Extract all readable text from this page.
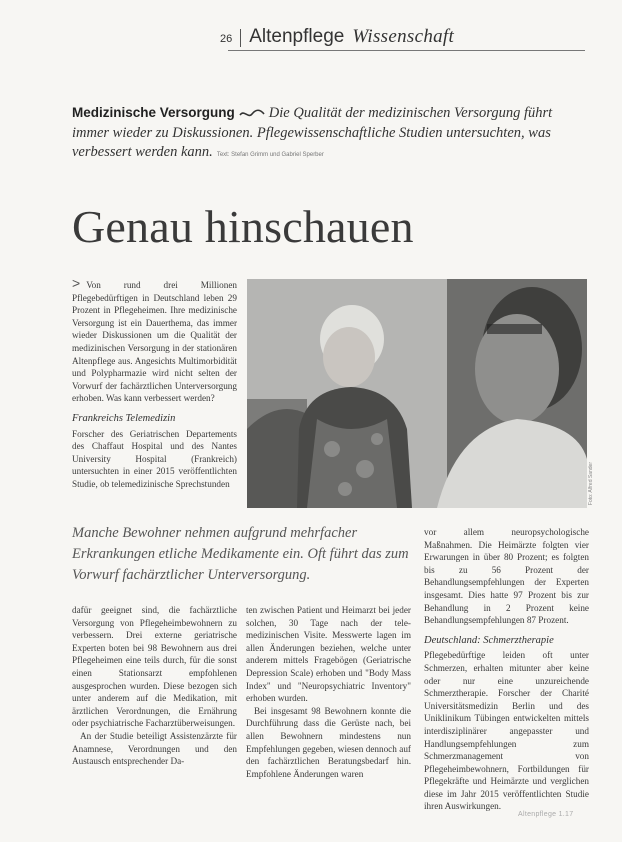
26 Altenpflege Wissenschaft
Medizinische Versorgung Die Qualität der medizinischen Versorgung führt immer wieder zu Diskussionen. Pflegewissenschaftliche Studien untersuchten, was verbessert werden kann. Text: Stefan Grimm und Gabriel Sperber
Genau hinschauen
Foto: Alfred Sander
> Von rund drei Millionen Pflegebedürftigen in Deutschland leben 29 Prozent in Pflegeheimen. Ihre medizinische Versorgung ist ein Dauerthema, das immer wieder Diskussionen um die Qualität der medizinischen Versorgung in der stationären Altenpflege aus. Angesichts Multimorbidität und Polypharmazie wird nicht selten der Vorwurf der fachärztlichen Unterversorgung erhoben. Was kann verbessert werden?
Frankreichs Telemedizin
Forscher des Geriatrischen Departements des Chaffaut Hospital und des Nantes University Hospital (Frankreich) untersuchten in einer 2015 veröffentlichten Studie, ob telemedizinische Sprechstunden
Manche Bewohner nehmen aufgrund mehrfacher Erkrankungen etliche Medikamente ein. Oft führt das zum Vorwurf fachärztlicher Unterversorgung.

dafür geeignet sind, die fachärztliche Versorgung von Pflegeheimbewohnern zu verbessern. Drei externe geriatrische Experten boten bei 98 Bewohnern aus drei Pflegeheimen eine teils durch, für die sonst einen Stationsarzt empfohlenen ausgesprochen wurden. Diese bezogen sich unter anderem auf die Medikation, mit ärztlichen Verordnungen, die Ernährung oder psychiatrische Facharztüberweisungen.

An der Studie beteiligt Assistenzärzte für Anamnese, Verordnungen und den Austausch entsprechender Da-

ten zwischen Patient und Heimarzt bei jeder solchen, 30 Tage nach der tele-medizinischen Visite. Messwerte lagen im allen Änderungen beziehen, welche unter anderem mittels Fragebögen (Geriatrische Depression Scale) erhoben und "Body Mass Index" und "Neuropsychiatric Inventory" erhoben wurden.

Bei insgesamt 98 Bewohnern konnte die Durchführung dass die Gerüste nach, bei allen Bewohnern mindestens nun Empfehlungen gegeben, wiesen dennoch auf den fachärztlichen Beratungsbedarf hin. Empfohlene Änderungen waren

vor allem neuropsychologische Maßnahmen. Die Heimärzte folgten vier Erwarungen in über 80 Prozent; es folgten bis zu 56 Prozent der Behandlungsempfehlungen der Experten insgesamt. Dies hatte 97 Prozent bis zur Behandlung in 2 Prozent keine Behandlungsempfehlungen 87 Prozent.

Deutschland: Schmerztherapie

Pflegebedürftige leiden oft unter Schmerzen, erhalten mitunter aber keine oder nur eine unzureichende Schmerztherapie. Forscher der Charité Universitätsmedizin Berlin und des Uniklinikum Tübingen entwickelten mittels interdisziplinärer angepasster und Handlungsempfehlungen zum Schmerzmanagement von Pflegeheimbewohnern, Fortbildungen für Pflegekräfte und Heimärzte und verglichen diese im Jahr 2015 veröffentlichten Studie ihren Auswirkungen.

Altenpflege 1.17
